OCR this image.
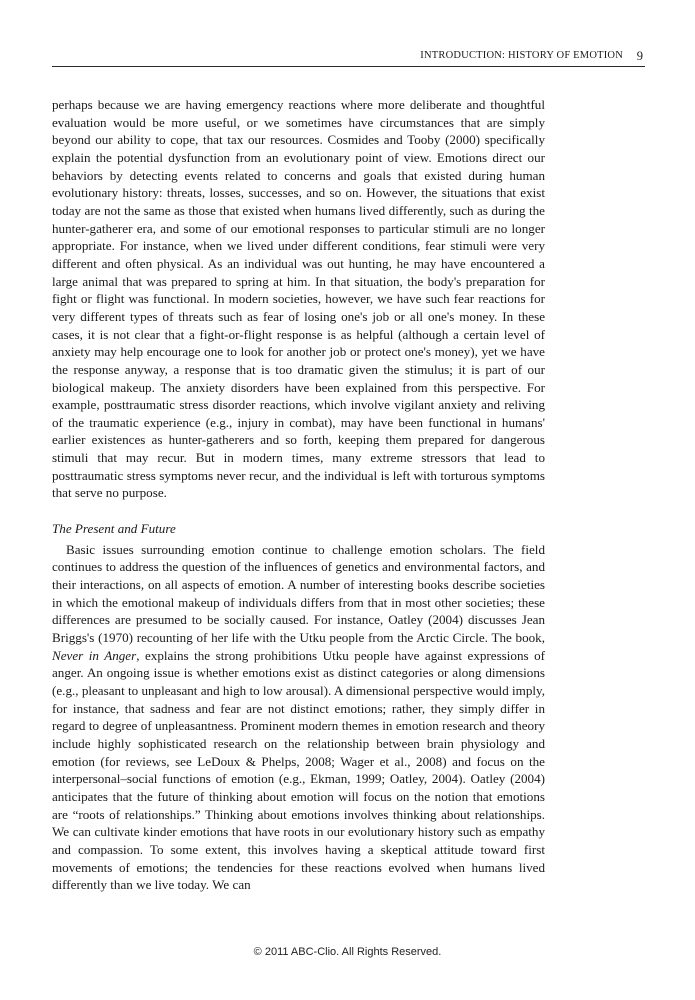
INTRODUCTION: HISTORY OF EMOTION 9

perhaps because we are having emergency reactions where more deliberate and thoughtful evaluation would be more useful, or we sometimes have circumstances that are simply beyond our ability to cope, that tax our resources. Cosmides and Tooby (2000) specifically explain the potential dysfunction from an evolutionary point of view. Emotions direct our behaviors by detecting events related to concerns and goals that existed during human evolutionary history: threats, losses, successes, and so on. However, the situations that exist today are not the same as those that existed when humans lived differently, such as during the hunter-gatherer era, and some of our emotional responses to particular stimuli are no longer appropriate. For instance, when we lived under different conditions, fear stimuli were very different and often physical. As an individual was out hunting, he may have encountered a large animal that was prepared to spring at him. In that situation, the body's preparation for fight or flight was functional. In modern societies, however, we have such fear reactions for very different types of threats such as fear of losing one's job or all one's money. In these cases, it is not clear that a fight-or-flight response is as helpful (although a certain level of anxiety may help encourage one to look for another job or protect one's money), yet we have the response anyway, a response that is too dramatic given the stimulus; it is part of our biological makeup. The anxiety disorders have been explained from this perspective. For example, posttraumatic stress disorder reactions, which involve vigilant anxiety and reliving of the traumatic experience (e.g., injury in combat), may have been functional in humans' earlier existences as hunter-gatherers and so forth, keeping them prepared for dangerous stimuli that may recur. But in modern times, many extreme stressors that lead to posttraumatic stress symptoms never recur, and the individual is left with torturous symptoms that serve no purpose.

The Present and Future

Basic issues surrounding emotion continue to challenge emotion scholars. The field continues to address the question of the influences of genetics and environmental factors, and their interactions, on all aspects of emotion. A number of interesting books describe societies in which the emotional makeup of individuals differs from that in most other societies; these differences are presumed to be socially caused. For instance, Oatley (2004) discusses Jean Briggs's (1970) recounting of her life with the Utku people from the Arctic Circle. The book, Never in Anger, explains the strong prohibitions Utku people have against expressions of anger. An ongoing issue is whether emotions exist as distinct categories or along dimensions (e.g., pleasant to unpleasant and high to low arousal). A dimensional perspective would imply, for instance, that sadness and fear are not distinct emotions; rather, they simply differ in regard to degree of unpleasantness. Prominent modern themes in emotion research and theory include highly sophisticated research on the relationship between brain physiology and emotion (for reviews, see LeDoux & Phelps, 2008; Wager et al., 2008) and focus on the interpersonal–social functions of emotion (e.g., Ekman, 1999; Oatley, 2004). Oatley (2004) anticipates that the future of thinking about emotion will focus on the notion that emotions are “roots of relationships.” Thinking about emotions involves thinking about relationships. We can cultivate kinder emotions that have roots in our evolutionary history such as empathy and compassion. To some extent, this involves having a skeptical attitude toward first movements of emotions; the tendencies for these reactions evolved when humans lived differently than we live today. We can

© 2011 ABC-Clio. All Rights Reserved.
